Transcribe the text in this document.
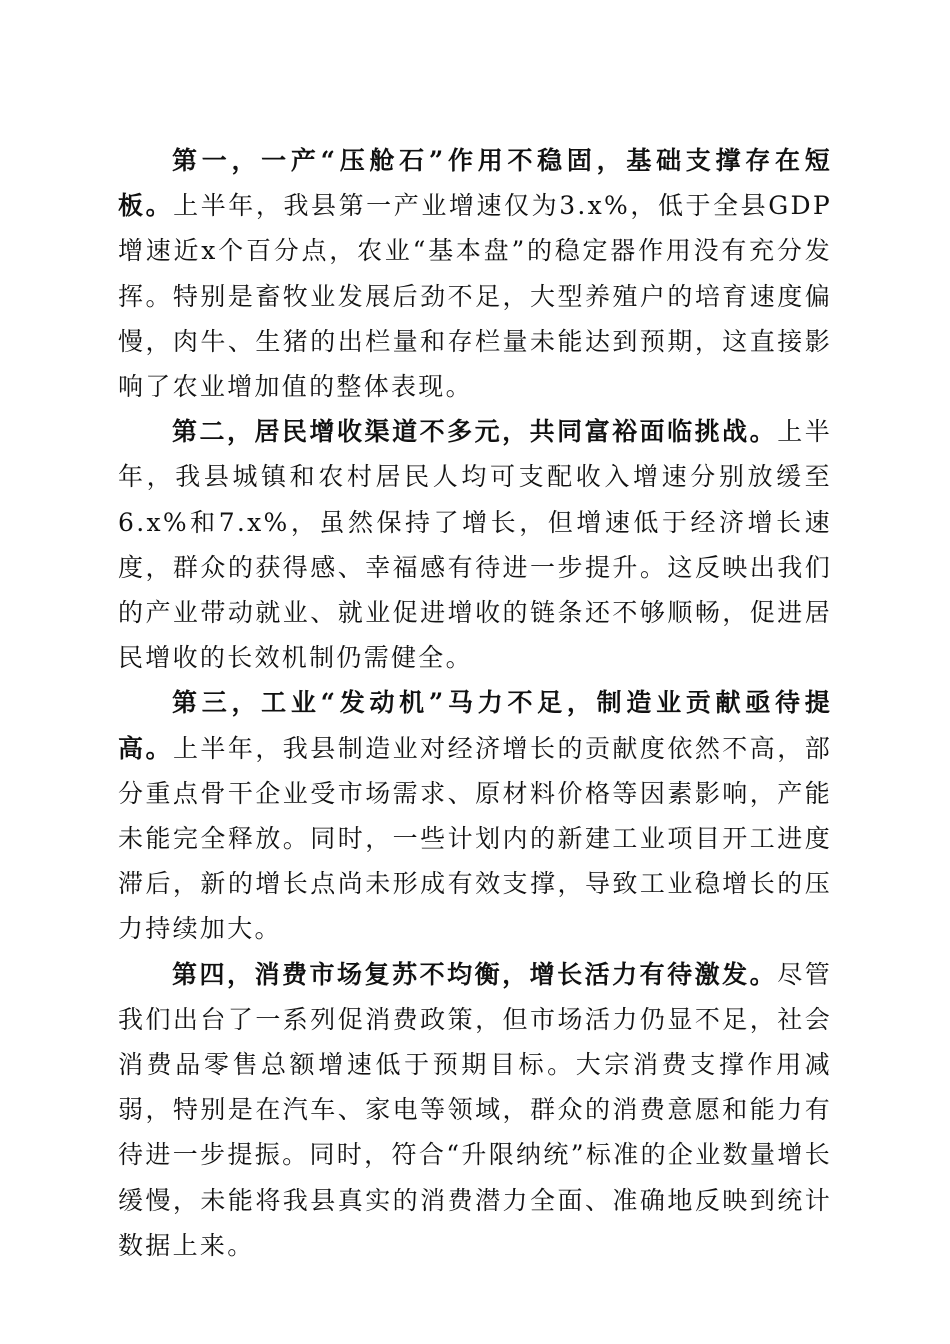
第一，一产“压舱石”作用不稳固，基础支撑存在短板。上半年，我县第一产业增速仅为3.x%，低于全县GDP增速近x个百分点，农业“基本盘”的稳定器作用没有充分发挥。特别是畜牧业发展后劲不足，大型养殖户的培育速度偏慢，肉牛、生猪的出栏量和存栏量未能达到预期，这直接影响了农业增加值的整体表现。

第二，居民增收渠道不多元，共同富裕面临挑战。上半年，我县城镇和农村居民人均可支配收入增速分别放缓至6.x%和7.x%，虽然保持了增长，但增速低于经济增长速度，群众的获得感、幸福感有待进一步提升。这反映出我们的产业带动就业、就业促进增收的链条还不够顺畅，促进居民增收的长效机制仍需健全。

第三，工业“发动机”马力不足，制造业贡献亟待提高。上半年，我县制造业对经济增长的贡献度依然不高，部分重点骨干企业受市场需求、原材料价格等因素影响，产能未能完全释放。同时，一些计划内的新建工业项目开工进度滞后，新的增长点尚未形成有效支撑，导致工业稳增长的压力持续加大。

第四，消费市场复苏不均衡，增长活力有待激发。尽管我们出台了一系列促消费政策，但市场活力仍显不足，社会消费品零售总额增速低于预期目标。大宗消费支撑作用减弱，特别是在汽车、家电等领域，群众的消费意愿和能力有待进一步提振。同时，符合“升限纳统”标准的企业数量增长缓慢，未能将我县真实的消费潜力全面、准确地反映到统计数据上来。
